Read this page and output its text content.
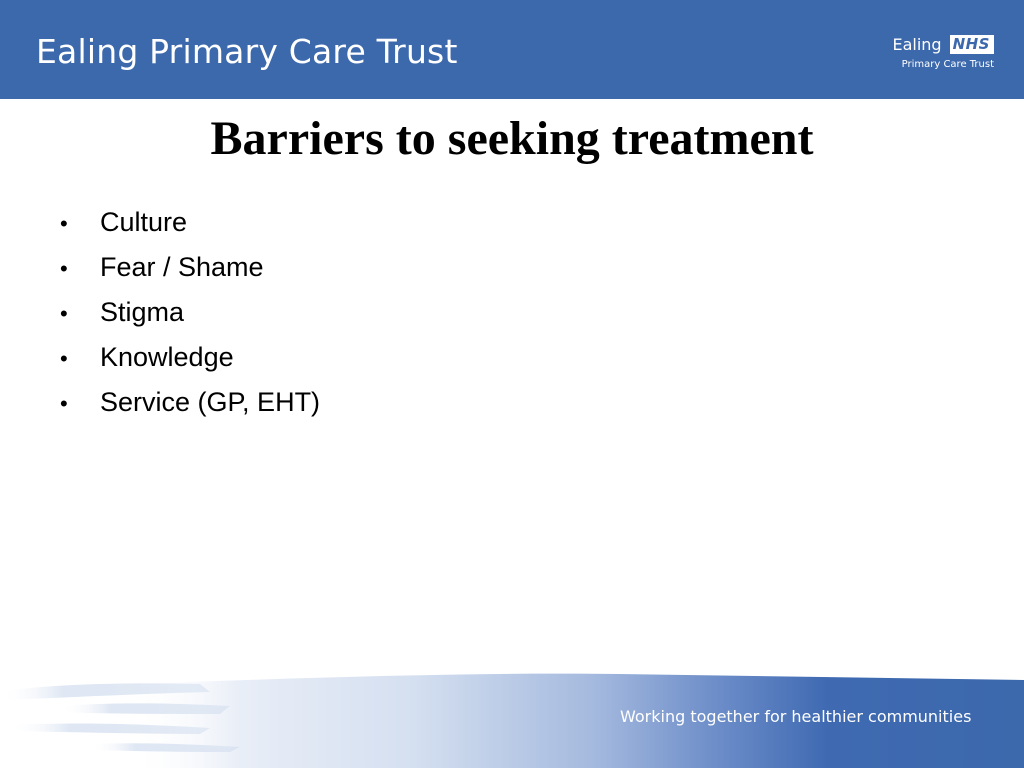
Ealing Primary Care Trust	Ealing NHS
Primary Care Trust
Barriers to seeking treatment
•	Culture
•	Fear / Shame
•	Stigma
•	Knowledge
•	Service (GP, EHT)

Working together for healthier communities
